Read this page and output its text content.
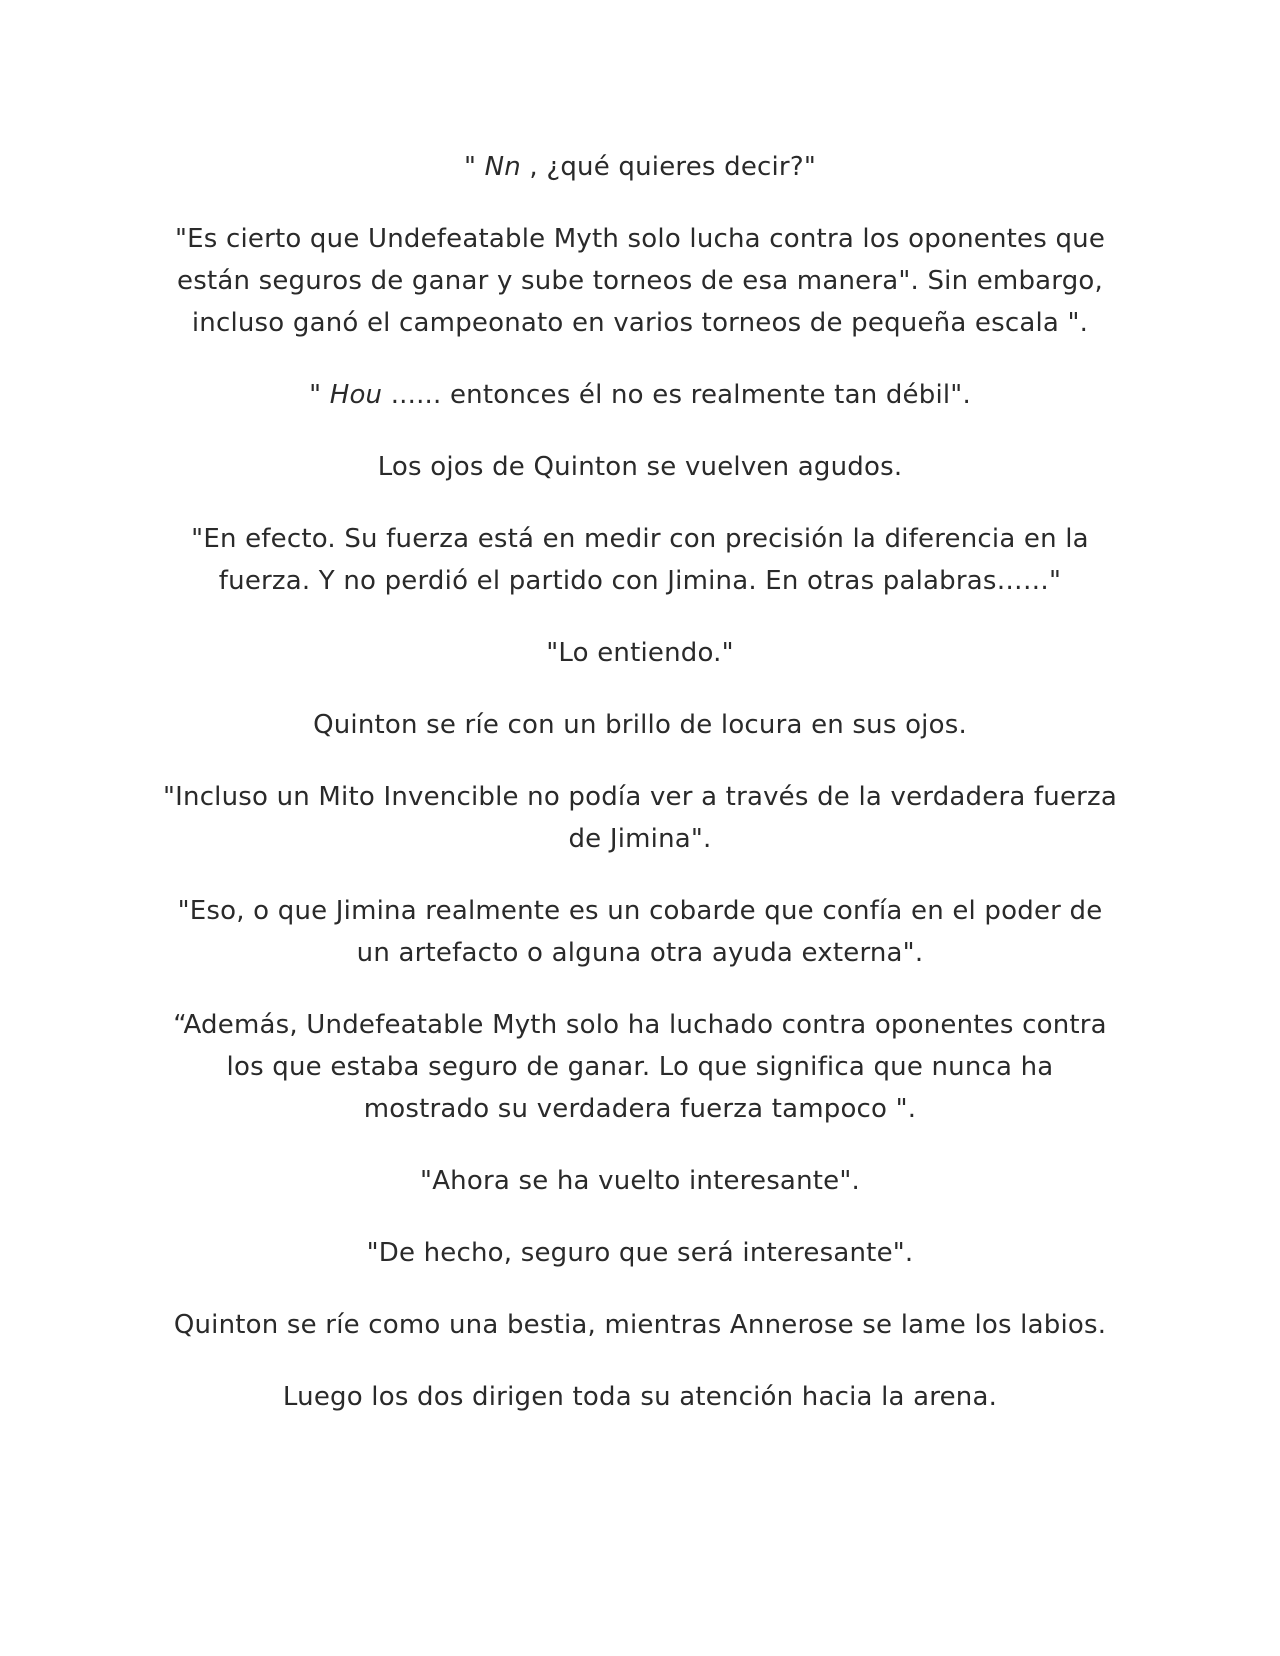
" Nn , ¿qué quieres decir?"

"Es cierto que Undefeatable Myth solo lucha contra los oponentes que están seguros de ganar y sube torneos de esa manera". Sin embargo, incluso ganó el campeonato en varios torneos de pequeña escala ".

" Hou ...... entonces él no es realmente tan débil".

Los ojos de Quinton se vuelven agudos.

"En efecto. Su fuerza está en medir con precisión la diferencia en la fuerza. Y no perdió el partido con Jimina. En otras palabras……"

"Lo entiendo."

Quinton se ríe con un brillo de locura en sus ojos.

"Incluso un Mito Invencible no podía ver a través de la verdadera fuerza de Jimina".

"Eso, o que Jimina realmente es un cobarde que confía en el poder de un artefacto o alguna otra ayuda externa".

“Además, Undefeatable Myth solo ha luchado contra oponentes contra los que estaba seguro de ganar. Lo que significa que nunca ha mostrado su verdadera fuerza tampoco ".

"Ahora se ha vuelto interesante".

"De hecho, seguro que será interesante".

Quinton se ríe como una bestia, mientras Annerose se lame los labios.

Luego los dos dirigen toda su atención hacia la arena.
